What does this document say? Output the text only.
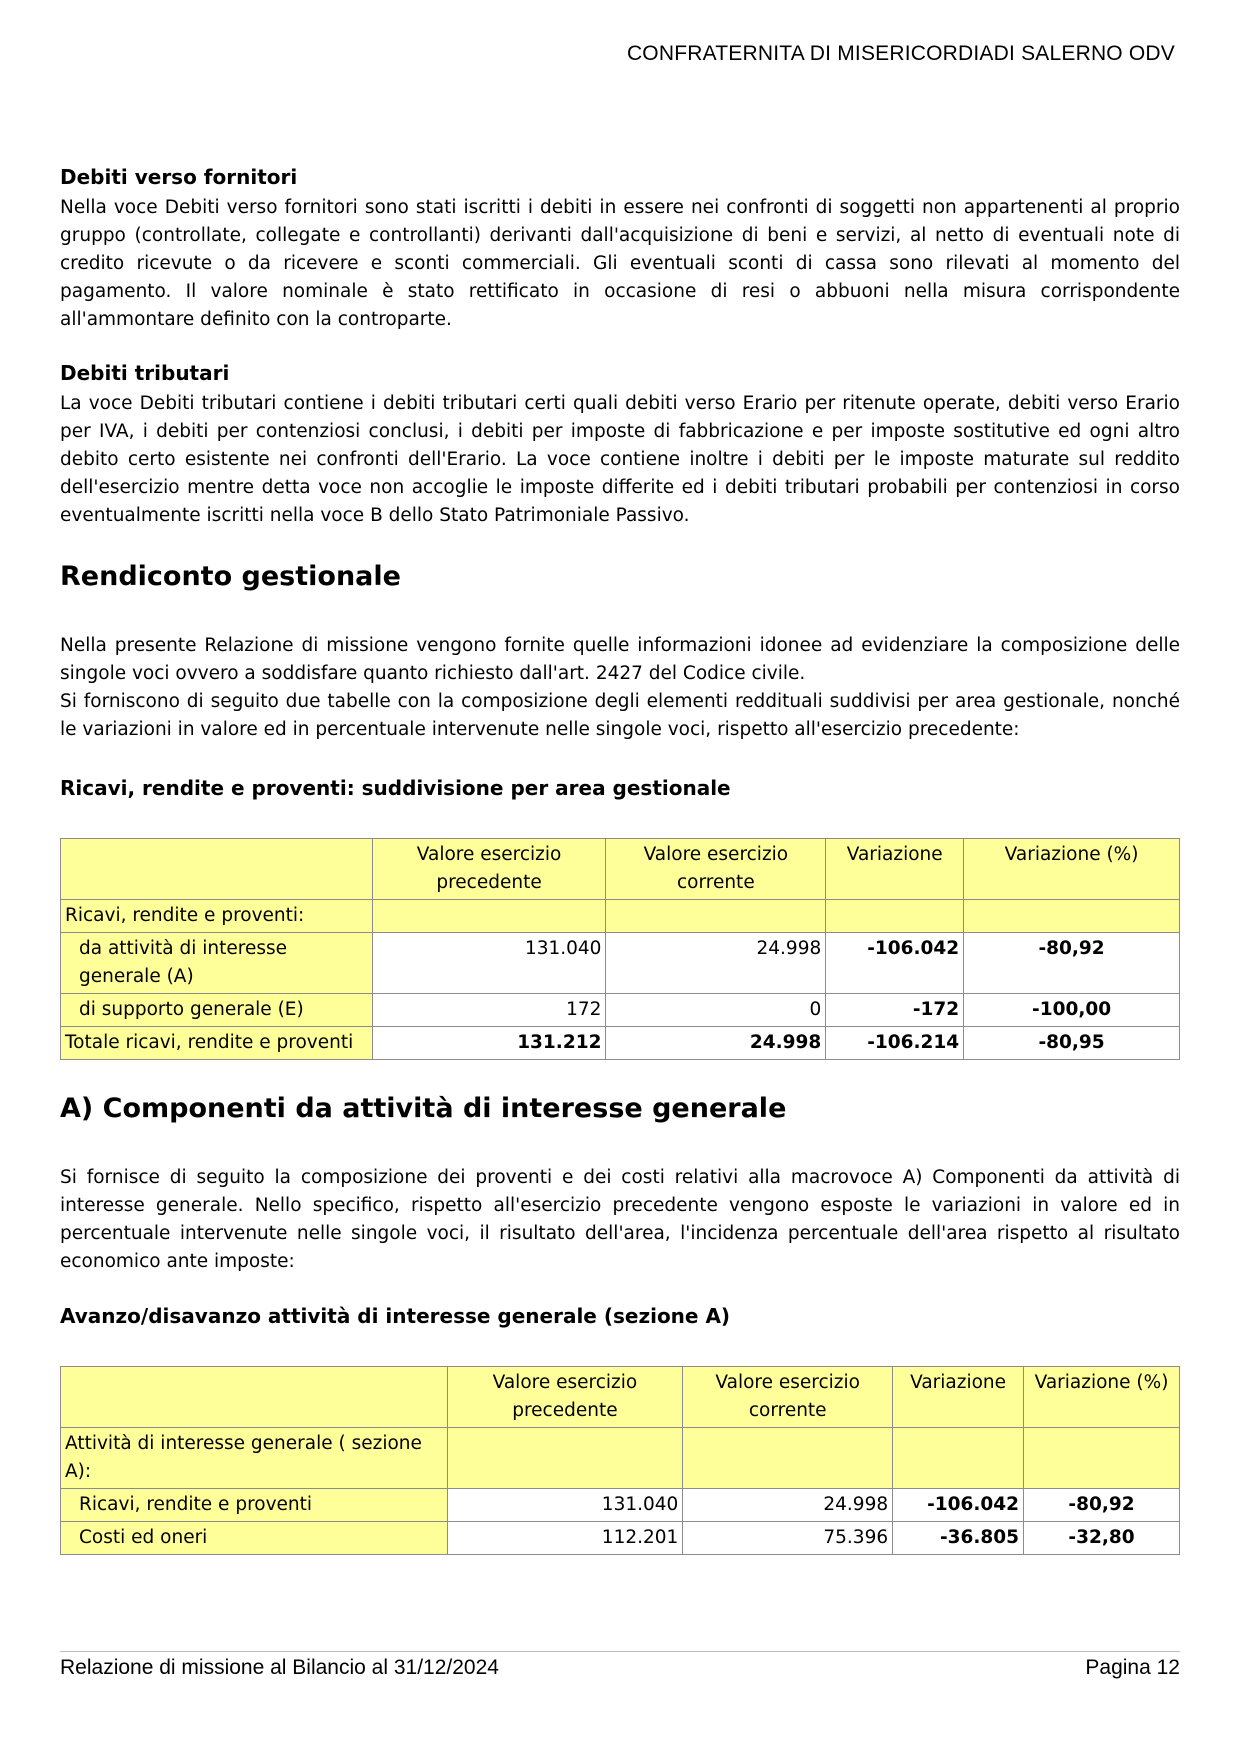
CONFRATERNITA DI MISERICORDIADI SALERNO ODV
Debiti verso fornitori

Nella voce Debiti verso fornitori sono stati iscritti i debiti in essere nei confronti di soggetti non appartenenti al proprio gruppo (controllate, collegate e controllanti) derivanti dall'acquisizione di beni e servizi, al netto di eventuali note di credito ricevute o da ricevere e sconti commerciali. Gli eventuali sconti di cassa sono rilevati al momento del pagamento. Il valore nominale è stato rettificato in occasione di resi o abbuoni nella misura corrispondente all'ammontare definito con la controparte.

Debiti tributari

La voce Debiti tributari contiene i debiti tributari certi quali debiti verso Erario per ritenute operate, debiti verso Erario per IVA, i debiti per contenziosi conclusi, i debiti per imposte di fabbricazione e per imposte sostitutive ed ogni altro debito certo esistente nei confronti dell'Erario. La voce contiene inoltre i debiti per le imposte maturate sul reddito dell'esercizio mentre detta voce non accoglie le imposte differite ed i debiti tributari probabili per contenziosi in corso eventualmente iscritti nella voce B dello Stato Patrimoniale Passivo.

Rendiconto gestionale

Nella presente Relazione di missione vengono fornite quelle informazioni idonee ad evidenziare la composizione delle singole voci ovvero a soddisfare quanto richiesto dall'art. 2427 del Codice civile.

Si forniscono di seguito due tabelle con la composizione degli elementi reddituali suddivisi per area gestionale, nonché le variazioni in valore ed in percentuale intervenute nelle singole voci, rispetto all'esercizio precedente:

Ricavi, rendite e proventi: suddivisione per area gestionale
	Valore esercizio precedente	Valore esercizio corrente	Variazione	Variazione (%)
Ricavi, rendite e proventi:				
da attività di interesse generale (A)	131.040	24.998	-106.042	-80,92
di supporto generale (E)	172	0	-172	-100,00
Totale ricavi, rendite e proventi	131.212	24.998	-106.214	-80,95
A) Componenti da attività di interesse generale

Si fornisce di seguito la composizione dei proventi e dei costi relativi alla macrovoce A) Componenti da attività di interesse generale. Nello specifico, rispetto all'esercizio precedente vengono esposte le variazioni in valore ed in percentuale intervenute nelle singole voci, il risultato dell'area, l'incidenza percentuale dell'area rispetto al risultato economico ante imposte:

Avanzo/disavanzo attività di interesse generale (sezione A)
	Valore esercizio precedente	Valore esercizio corrente	Variazione	Variazione (%)
Attività di interesse generale ( sezione A):				
Ricavi, rendite e proventi	131.040	24.998	-106.042	-80,92
Costi ed oneri	112.201	75.396	-36.805	-32,80
Relazione di missione al Bilancio al 31/12/2024	Pagina 12
